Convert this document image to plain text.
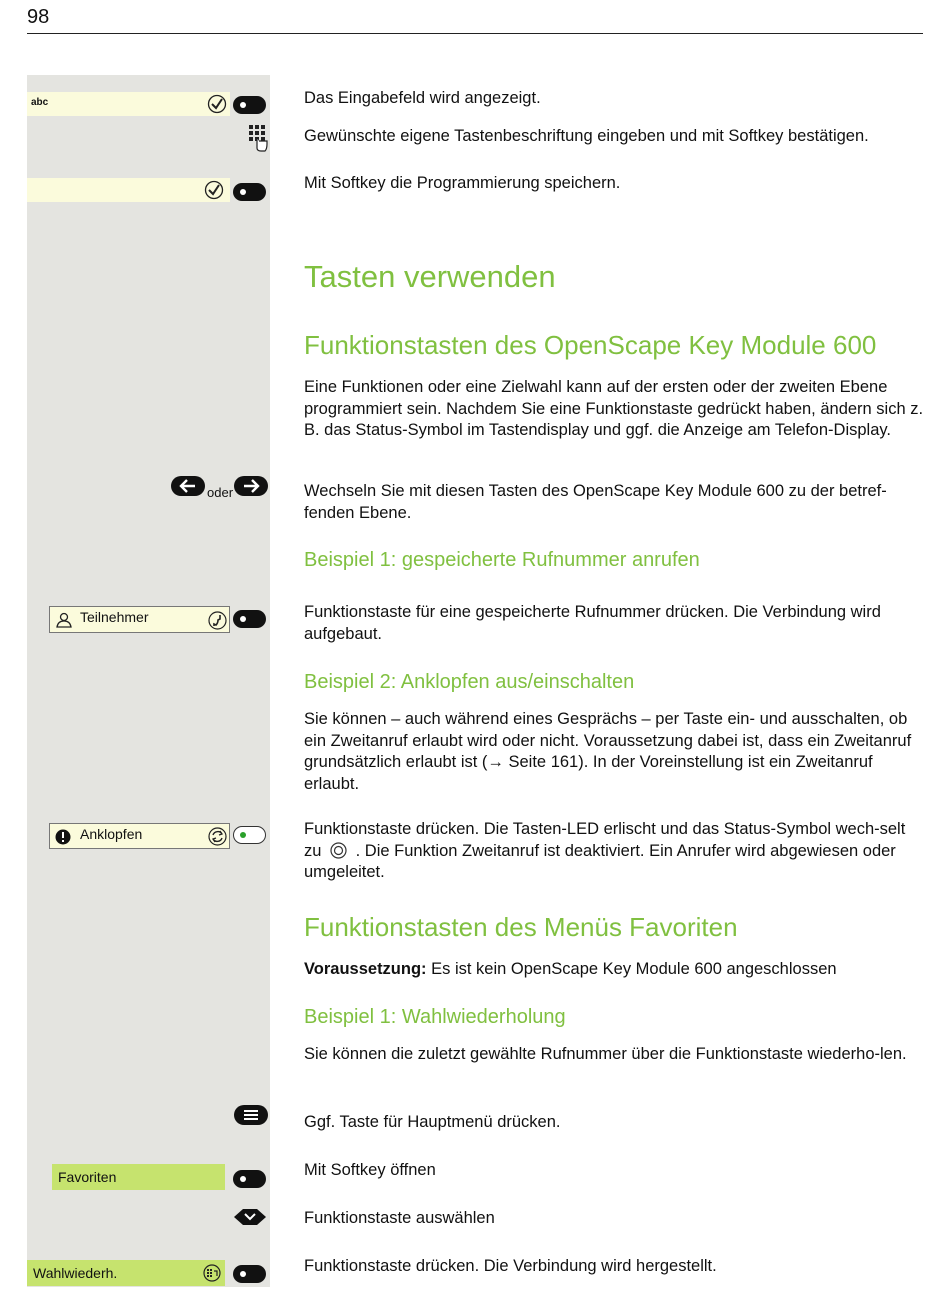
98
abc
oder
Teilnehmer
Anklopfen
Favoriten
Wahlwiederh.
Das Eingabefeld wird angezeigt.
Gewünschte eigene Tastenbeschriftung eingeben und mit Softkey bestätigen.
Mit Softkey die Programmierung speichern.
Tasten verwenden
Funktionstasten des OpenScape Key Module 600
Eine Funktionen oder eine Zielwahl kann auf der ersten oder der zweiten Ebene programmiert sein. Nachdem Sie eine Funktionstaste gedrückt haben, ändern sich z. B. das Status-Symbol im Tastendisplay und ggf. die Anzeige am Telefon-Display.
Wechseln Sie mit diesen Tasten des OpenScape Key Module 600 zu der betref-fenden Ebene.
Beispiel 1: gespeicherte Rufnummer anrufen
Funktionstaste für eine gespeicherte Rufnummer drücken. Die Verbindung wird aufgebaut.
Beispiel 2: Anklopfen aus/einschalten
Sie können – auch während eines Gesprächs – per Taste ein- und ausschalten, ob ein Zweitanruf erlaubt wird oder nicht. Voraussetzung dabei ist, dass ein Zweitanruf grundsätzlich erlaubt ist (→ Seite 161). In der Voreinstellung ist ein Zweitanruf erlaubt.
Funktionstaste drücken. Die Tasten-LED erlischt und das Status-Symbol wech-selt zu . Die Funktion Zweitanruf ist deaktiviert. Ein Anrufer wird abgewiesen oder umgeleitet.
Funktionstasten des Menüs Favoriten
Voraussetzung: Es ist kein OpenScape Key Module 600 angeschlossen
Beispiel 1: Wahlwiederholung
Sie können die zuletzt gewählte Rufnummer über die Funktionstaste wiederho-len.
Ggf. Taste für Hauptmenü drücken.
Mit Softkey öffnen
Funktionstaste auswählen
Funktionstaste drücken. Die Verbindung wird hergestellt.
